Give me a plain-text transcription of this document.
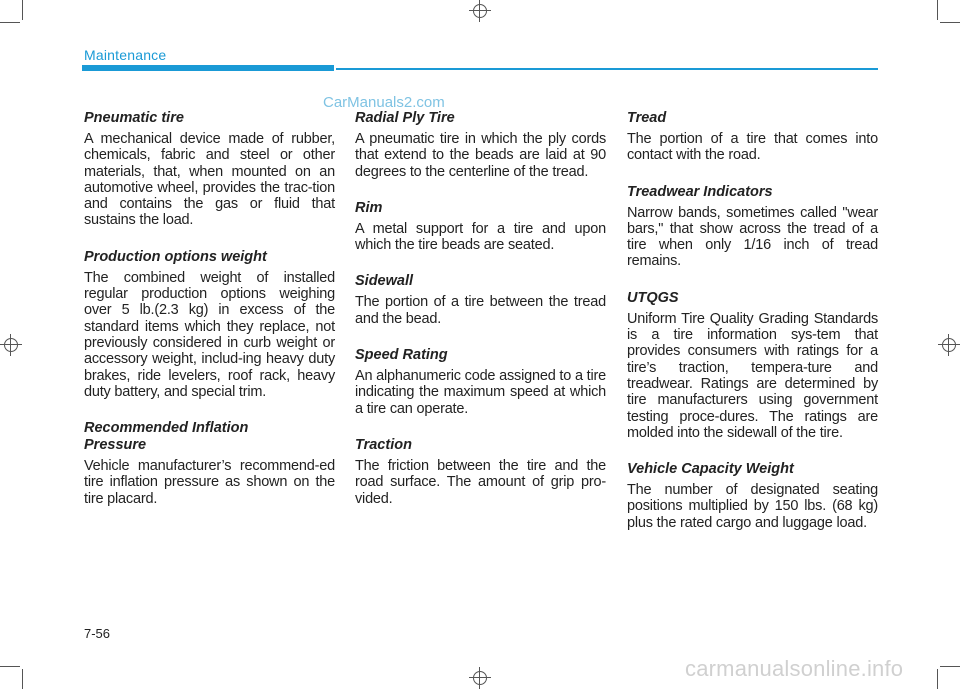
Maintenance
CarManuals2.com

Pneumatic tire

A mechanical device made of rubber, chemicals, fabric and steel or other materials, that, when mounted on an automotive wheel, provides the trac-tion and contains the gas or fluid that sustains the load.

Production options weight

The combined weight of installed regular production options weighing over 5 lb.(2.3 kg) in excess of the standard items which they replace, not previously considered in curb weight or accessory weight, includ-ing heavy duty brakes, ride levelers, roof rack, heavy duty battery, and special trim.

Recommended Inflation Pressure

Vehicle manufacturer’s recommend-ed tire inflation pressure as shown on the tire placard.

Radial Ply Tire

A pneumatic tire in which the ply cords that extend to the beads are laid at 90 degrees to the centerline of the tread.

Rim

A metal support for a tire and upon which the tire beads are seated.

Sidewall

The portion of a tire between the tread and the bead.

Speed Rating

An alphanumeric code assigned to a tire indicating the maximum speed at which a tire can operate.

Traction

The friction between the tire and the road surface. The amount of grip pro-vided.

Tread

The portion of a tire that comes into contact with the road.

Treadwear Indicators

Narrow bands, sometimes called "wear bars," that show across the tread of a tire when only 1/16 inch of tread remains.

UTQGS

Uniform Tire Quality Grading Standards is a tire information sys-tem that provides consumers with ratings for a tire’s traction, tempera-ture and treadwear. Ratings are determined by tire manufacturers using government testing proce-dures. The ratings are molded into the sidewall of the tire.

Vehicle Capacity Weight

The number of designated seating positions multiplied by 150 lbs. (68 kg) plus the rated cargo and luggage load.

7-56
carmanualsonline.info
